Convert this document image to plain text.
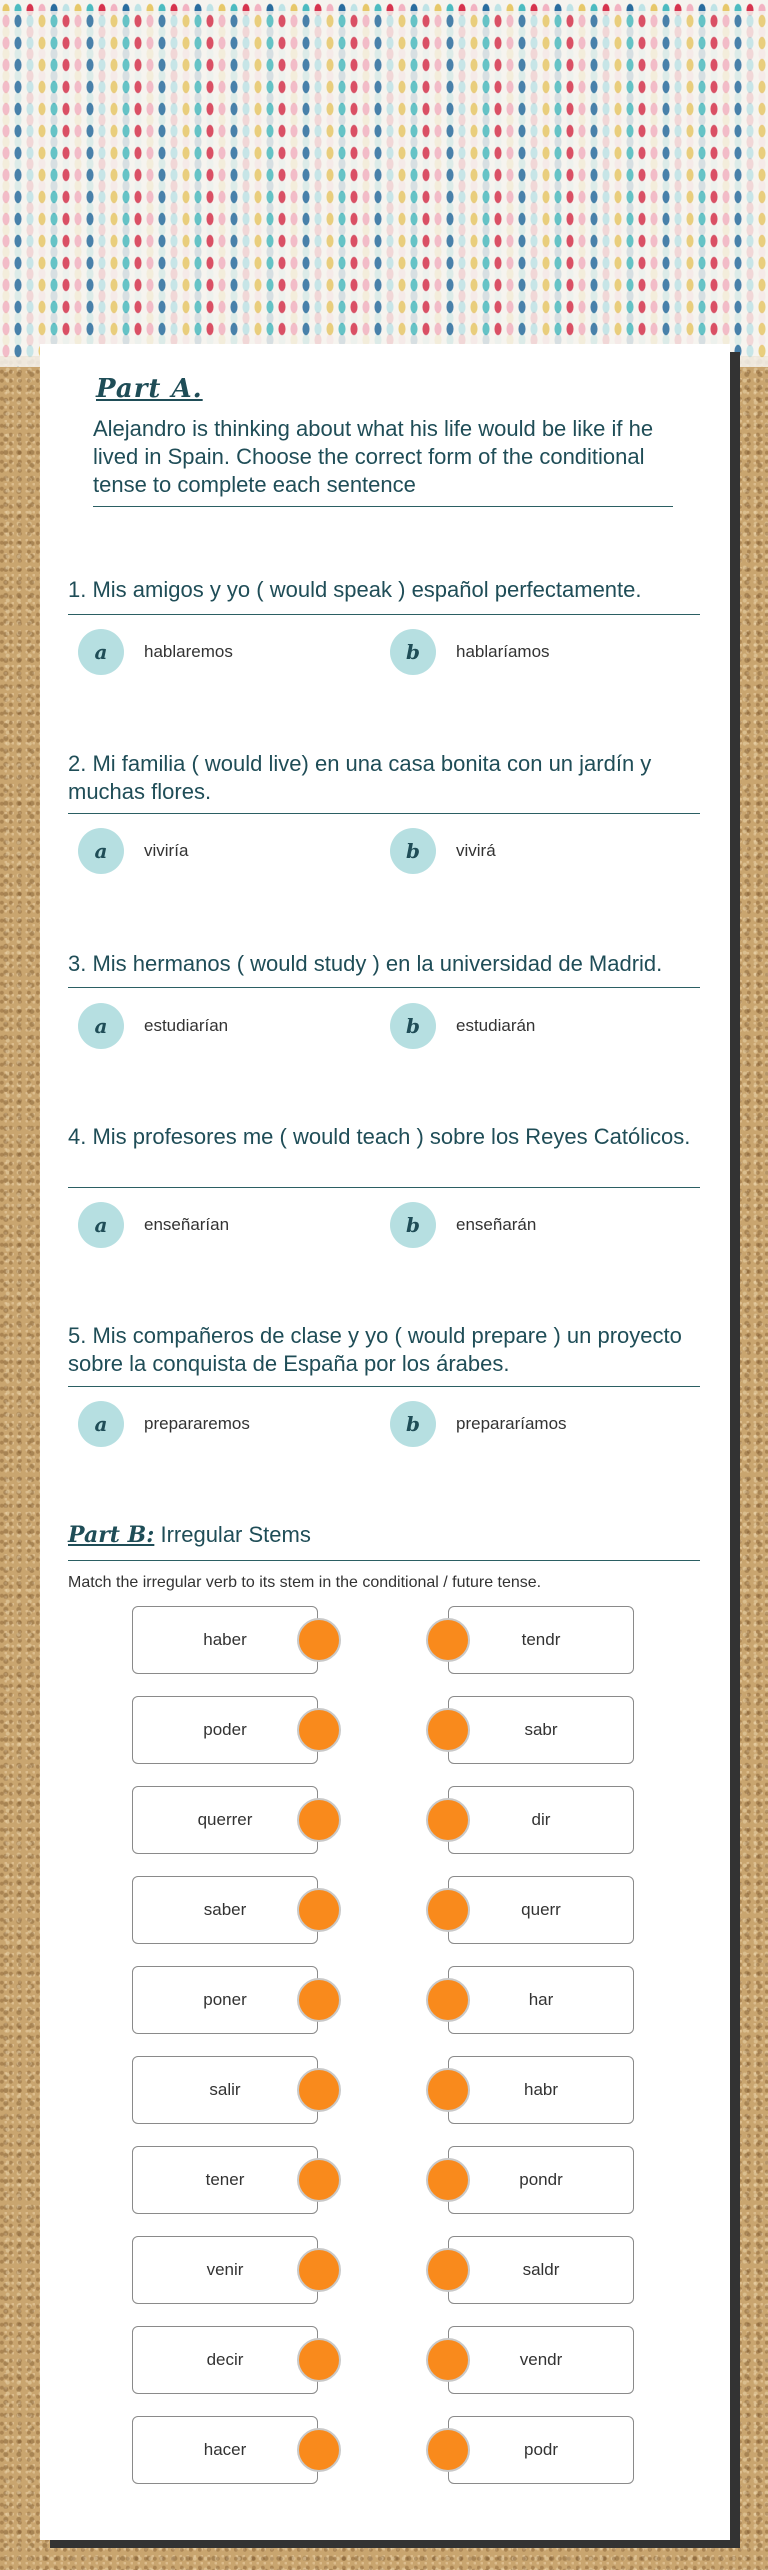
Part A.
Alejandro is thinking about what his life would be like if he lived in Spain. Choose the correct form of the conditional tense to complete each sentence
1. Mis amigos y yo ( would speak ) español perfectamente.
a	hablaremos	b	hablaríamos
2. Mi familia ( would live) en una casa bonita con un jardín y muchas flores.
a	viviría	b	vivirá
3. Mis hermanos ( would study ) en la universidad de Madrid.
a	estudiarían	b	estudiarán
4. Mis profesores me ( would teach ) sobre los Reyes Católicos.
a	enseñarían	b	enseñarán
5. Mis compañeros de clase y yo ( would prepare ) un proyecto sobre la conquista de España por los árabes.
a	prepararemos	b	prepararíamos
Part B: Irregular Stems
Match the irregular verb to its stem in the conditional / future tense.
haber	tendr
poder	sabr
querrer	dir
saber	querr
poner	har
salir	habr
tener	pondr
venir	saldr
decir	vendr
hacer	podr
